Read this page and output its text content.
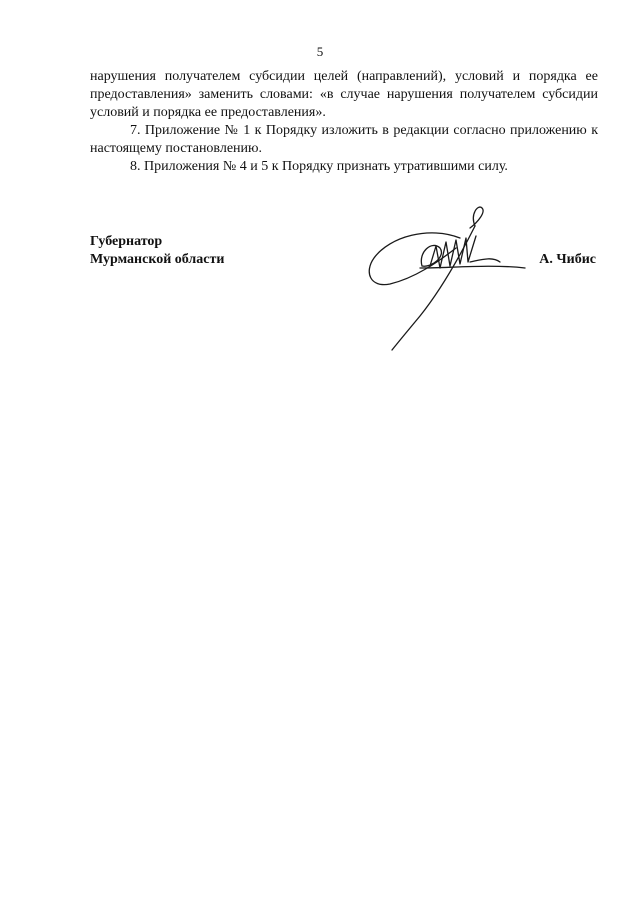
5

нарушения получателем субсидии целей (направлений), условий и порядка ее предоставления» заменить словами: «в случае нарушения получателем субсидии условий и порядка ее предоставления».

7. Приложение № 1 к Порядку изложить в редакции согласно приложению к настоящему постановлению.

8. Приложения № 4 и 5 к Порядку признать утратившими силу.

Губернатор
Мурманской области	А. Чибис
